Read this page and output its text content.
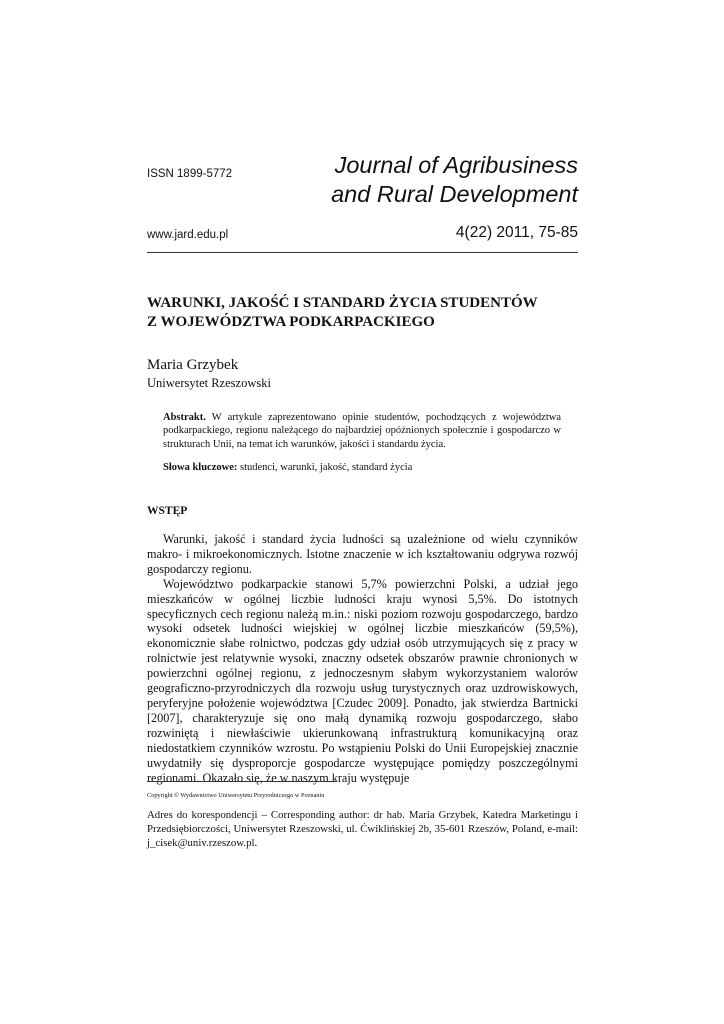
ISSN 1899-5772	Journal of Agribusiness
and Rural Development
www.jard.edu.pl	4(22) 2011, 75-85
WARUNKI, JAKOŚĆ I STANDARD ŻYCIA STUDENTÓW
Z WOJEWÓDZTWA PODKARPACKIEGO
Maria Grzybek
Uniwersytet Rzeszowski
Abstrakt. W artykule zaprezentowano opinie studentów, pochodzących z województwa podkarpackiego, regionu należącego do najbardziej opóźnionych społecznie i gospodarczo w strukturach Unii, na temat ich warunków, jakości i standardu życia.
Słowa kluczowe: studenci, warunki, jakość, standard życia
WSTĘP

Warunki, jakość i standard życia ludności są uzależnione od wielu czynników makro- i mikroekonomicznych. Istotne znaczenie w ich kształtowaniu odgrywa rozwój gospodarczy regionu.

Województwo podkarpackie stanowi 5,7% powierzchni Polski, a udział jego mieszkańców w ogólnej liczbie ludności kraju wynosi 5,5%. Do istotnych specyficznych cech regionu należą m.in.: niski poziom rozwoju gospodarczego, bardzo wysoki odsetek ludności wiejskiej w ogólnej liczbie mieszkańców (59,5%), ekonomicznie słabe rolnictwo, podczas gdy udział osób utrzymujących się z pracy w rolnictwie jest relatywnie wysoki, znaczny odsetek obszarów prawnie chronionych w powierzchni ogólnej regionu, z jednoczesnym słabym wykorzystaniem walorów geograficzno-przyrodniczych dla rozwoju usług turystycznych oraz uzdrowiskowych, peryferyjne położenie województwa [Czudec 2009]. Ponadto, jak stwierdza Bartnicki [2007], charakteryzuje się ono małą dynamiką rozwoju gospodarczego, słabo rozwiniętą i niewłaściwie ukierunkowaną infrastrukturą komunikacyjną oraz niedostatkiem czynników wzrostu. Po wstąpieniu Polski do Unii Europejskiej znacznie uwydatniły się dysproporcje gospodarcze występujące pomiędzy poszczególnymi regionami. Okazało się, że w naszym kraju występuje

Copyright © Wydawnictwo Uniwersytetu Przyrodniczego w Poznaniu

Adres do korespondencji – Corresponding author: dr hab. Maria Grzybek, Katedra Marketingu i Przedsiębiorczości, Uniwersytet Rzeszowski, ul. Ćwiklińskiej 2b, 35-601 Rzeszów, Poland, e-mail: j_cisek@univ.rzeszow.pl.
